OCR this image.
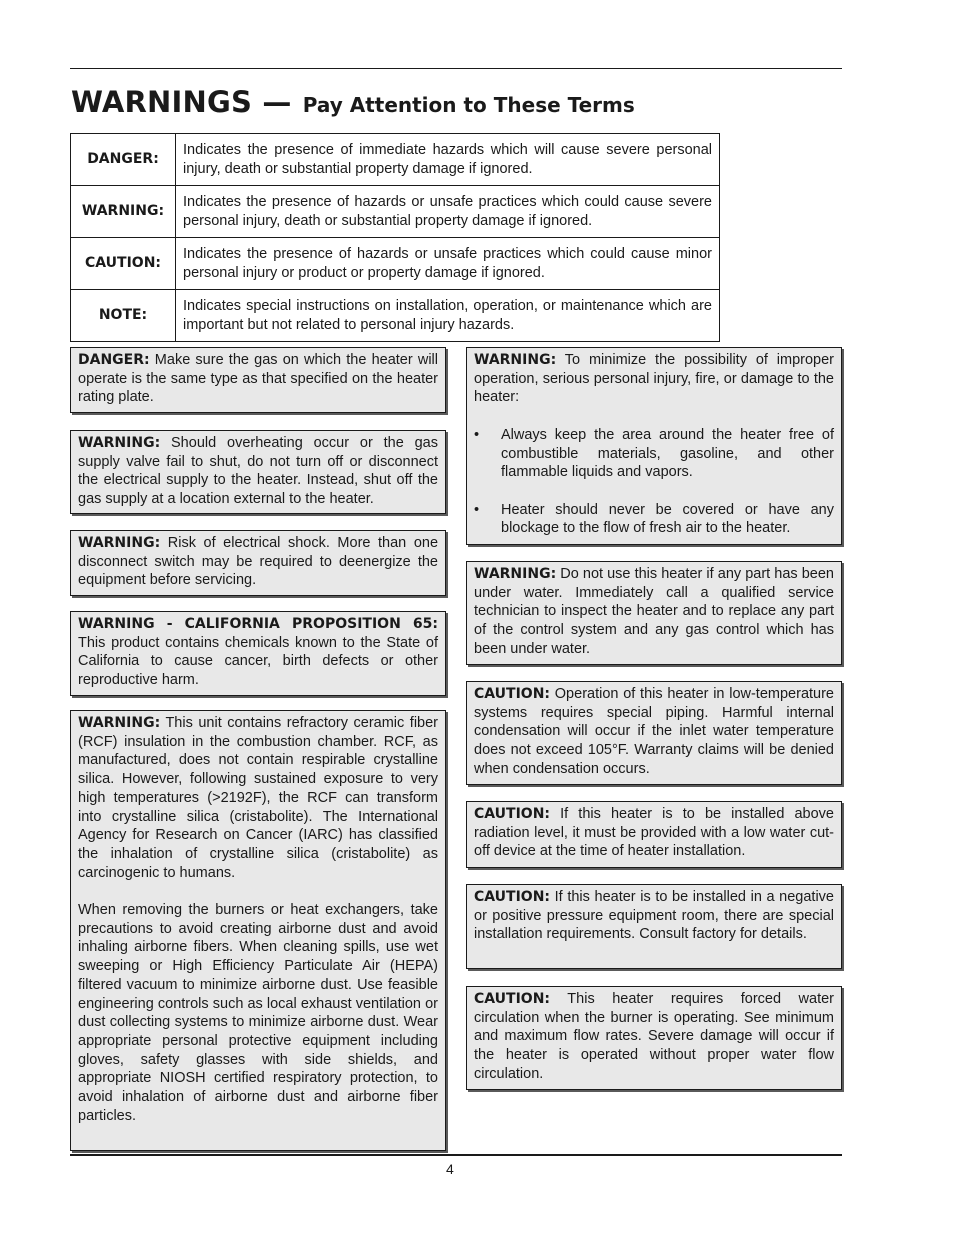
WARNINGS — Pay Attention to These Terms
DANGER:	Indicates the presence of immediate hazards which will cause severe personal injury, death or substantial property damage if ignored.
WARNING:	Indicates the presence of hazards or unsafe practices which could cause severe personal injury, death or substantial property damage if ignored.
CAUTION:	Indicates the presence of hazards or unsafe practices which could cause minor personal injury or product or property damage if ignored.
NOTE:	Indicates special instructions on installation, operation, or maintenance which are important but not related to personal injury hazards.

DANGER: Make sure the gas on which the heater will operate is the same type as that specified on the heater rating plate.

WARNING: Should overheating occur or the gas supply valve fail to shut, do not turn off or disconnect the electrical supply to the heater. Instead, shut off the gas supply at a location external to the heater.

WARNING: Risk of electrical shock. More than one disconnect switch may be required to deenergize the equipment before servicing.

WARNING - CALIFORNIA PROPOSITION 65: This product contains chemicals known to the State of California to cause cancer, birth defects or other reproductive harm.

WARNING: This unit contains refractory ceramic fiber (RCF) insulation in the combustion chamber. RCF, as manufactured, does not contain respirable crystalline silica. However, following sustained exposure to very high temperatures (>2192F), the RCF can transform into crystalline silica (cristabolite). The International Agency for Research on Cancer (IARC) has classified the inhalation of crystalline silica (cristabolite) as carcinogenic to humans.

When removing the burners or heat exchangers, take precautions to avoid creating airborne dust and avoid inhaling airborne fibers. When cleaning spills, use wet sweeping or High Efficiency Particulate Air (HEPA) filtered vacuum to minimize airborne dust. Use feasible engineering controls such as local exhaust ventilation or dust collecting systems to minimize airborne dust. Wear appropriate personal protective equipment including gloves, safety glasses with side shields, and appropriate NIOSH certified respiratory protection, to avoid inhalation of airborne dust and airborne fiber particles.

WARNING: To minimize the possibility of improper operation, serious personal injury, fire, or damage to the heater:

• Always keep the area around the heater free of combustible materials, gasoline, and other flammable liquids and vapors.
• Heater should never be covered or have any blockage to the flow of fresh air to the heater.

WARNING: Do not use this heater if any part has been under water. Immediately call a qualified service technician to inspect the heater and to replace any part of the control system and any gas control which has been under water.

CAUTION: Operation of this heater in low-temperature systems requires special piping. Harmful internal condensation will occur if the inlet water temperature does not exceed 105°F. Warranty claims will be denied when condensation occurs.

CAUTION: If this heater is to be installed above radiation level, it must be provided with a low water cut-off device at the time of heater installation.

CAUTION: If this heater is to be installed in a negative or positive pressure equipment room, there are special installation requirements. Consult factory for details.

CAUTION: This heater requires forced water circulation when the burner is operating. See minimum and maximum flow rates. Severe damage will occur if the heater is operated without proper water flow circulation.

4
